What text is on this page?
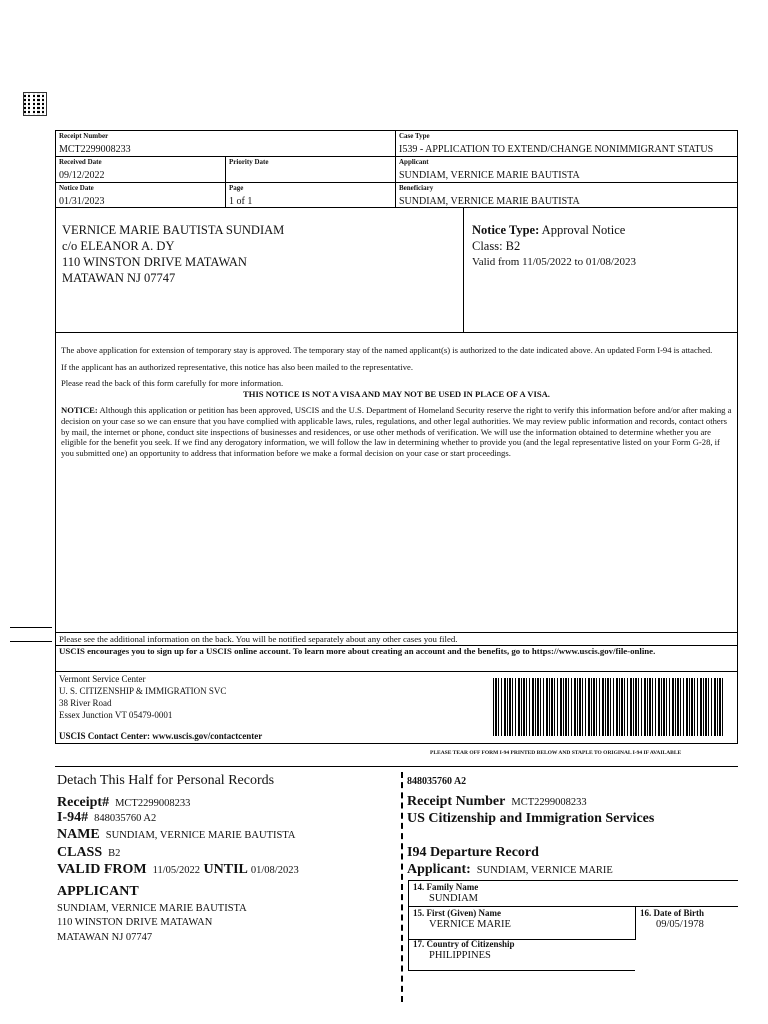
Receipt Number
MCT2299008233
Case Type
I539 - APPLICATION TO EXTEND/CHANGE NONIMMIGRANT STATUS
Received Date
09/12/2022
Priority Date	Applicant
SUNDIAM, VERNICE MARIE BAUTISTA
Notice Date
01/31/2023
Page
1 of 1
Beneficiary
SUNDIAM, VERNICE MARIE BAUTISTA
VERNICE MARIE BAUTISTA SUNDIAM
c/o ELEANOR A. DY
110 WINSTON DRIVE MATAWAN
MATAWAN NJ 07747
Notice Type: Approval Notice
Class: B2
Valid from 11/05/2022 to 01/08/2023

The above application for extension of temporary stay is approved. The temporary stay of the named applicant(s) is authorized to the date indicated above. An updated Form I-94 is attached.

If the applicant has an authorized representative, this notice has also been mailed to the representative.

Please read the back of this form carefully for more information.

THIS NOTICE IS NOT A VISA AND MAY NOT BE USED IN PLACE OF A VISA.

NOTICE: Although this application or petition has been approved, USCIS and the U.S. Department of Homeland Security reserve the right to verify this information before and/or after making a decision on your case so we can ensure that you have complied with applicable laws, rules, regulations, and other legal authorities. We may review public information and records, contact others by mail, the internet or phone, conduct site inspections of businesses and residences, or use other methods of verification. We will use the information obtained to determine whether you are eligible for the benefit you seek. If we find any derogatory information, we will follow the law in determining whether to provide you (and the legal representative listed on your Form G-28, if you submitted one) an opportunity to address that information before we make a formal decision on your case or start proceedings.

Please see the additional information on the back. You will be notified separately about any other cases you filed.
USCIS encourages you to sign up for a USCIS online account. To learn more about creating an account and the benefits, go to https://www.uscis.gov/file-online.
Vermont Service Center
U. S. CITIZENSHIP & IMMIGRATION SVC
38 River Road
Essex Junction VT 05479-0001
USCIS Contact Center: www.uscis.gov/contactcenter
PLEASE TEAR OFF FORM I-94 PRINTED BELOW AND STAPLE TO ORIGINAL I-94 IF AVAILABLE
Detach This Half for Personal Records
Receipt# MCT2299008233
I-94# 848035760 A2
NAME SUNDIAM, VERNICE MARIE BAUTISTA
CLASS B2
VALID FROM 11/05/2022 UNTIL 01/08/2023
APPLICANT
SUNDIAM, VERNICE MARIE BAUTISTA
110 WINSTON DRIVE MATAWAN
MATAWAN NJ 07747
848035760 A2
Receipt Number MCT2299008233
US Citizenship and Immigration Services
I94 Departure Record
Applicant: SUNDIAM, VERNICE MARIE
14. Family Name
SUNDIAM
15. First (Given) Name
VERNICE MARIE
16. Date of Birth
09/05/1978
17. Country of Citizenship
PHILIPPINES
